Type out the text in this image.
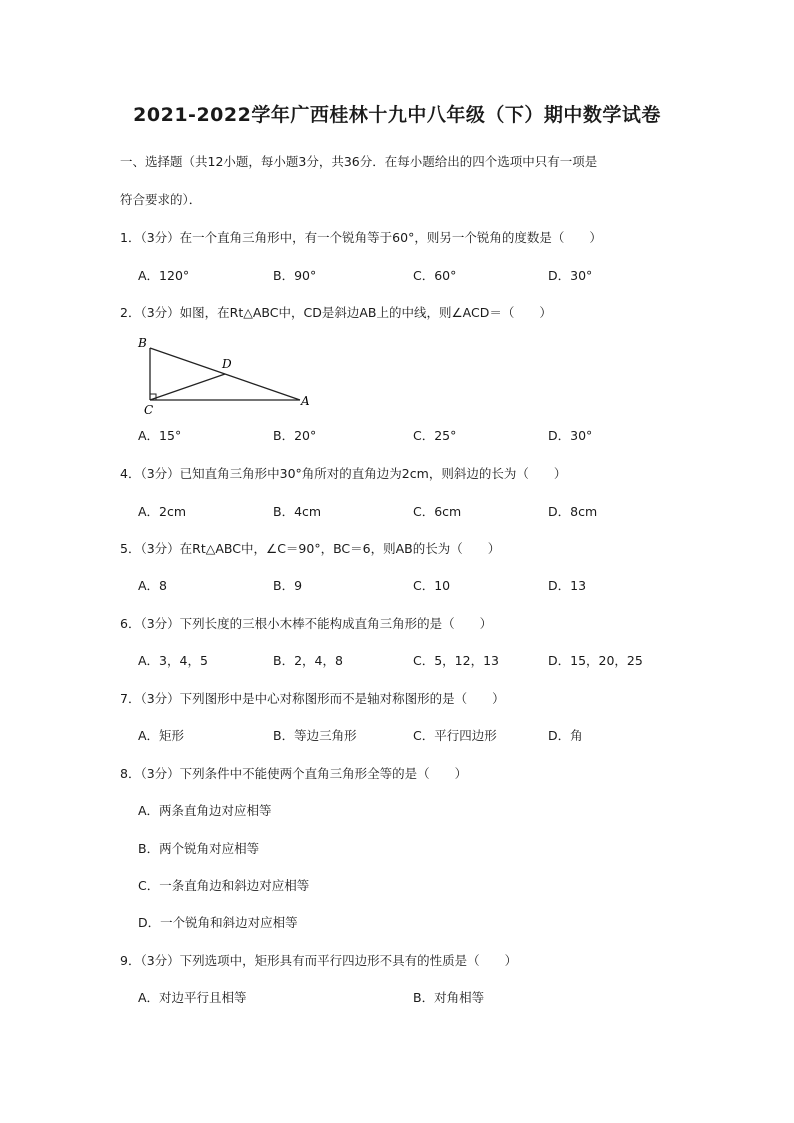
2021-2022学年广西桂林十九中八年级（下）期中数学试卷
一、选择题（共12小题，每小题3分，共36分．在每小题给出的四个选项中只有一项是
符合要求的）．
1．（3分）在一个直角三角形中，有一个锐角等于60°，则另一个锐角的度数是（　　）
A．120°	B．90°	C．60°	D．30°
2．（3分）如图，在Rt△ABC中，CD是斜边AB上的中线，则∠ACD＝（　　）
B
C
D
A
A．15°	B．20°	C．25°	D．30°
4．（3分）已知直角三角形中30°角所对的直角边为2cm，则斜边的长为（　　）
A．2cm	B．4cm	C．6cm	D．8cm
5．（3分）在Rt△ABC中，∠C＝90°，BC＝6，则AB的长为（　　）
A．8	B．9	C．10	D．13
6．（3分）下列长度的三根小木棒不能构成直角三角形的是（　　）
A．3，4，5	B．2，4，8	C．5，12，13	D．15，20，25
7．（3分）下列图形中是中心对称图形而不是轴对称图形的是（　　）
A．矩形	B．等边三角形	C．平行四边形	D．角
8．（3分）下列条件中不能使两个直角三角形全等的是（　　）
A．两条直角边对应相等
B．两个锐角对应相等
C．一条直角边和斜边对应相等
D．一个锐角和斜边对应相等
9．（3分）下列选项中，矩形具有而平行四边形不具有的性质是（　　）
A．对边平行且相等	B．对角相等
